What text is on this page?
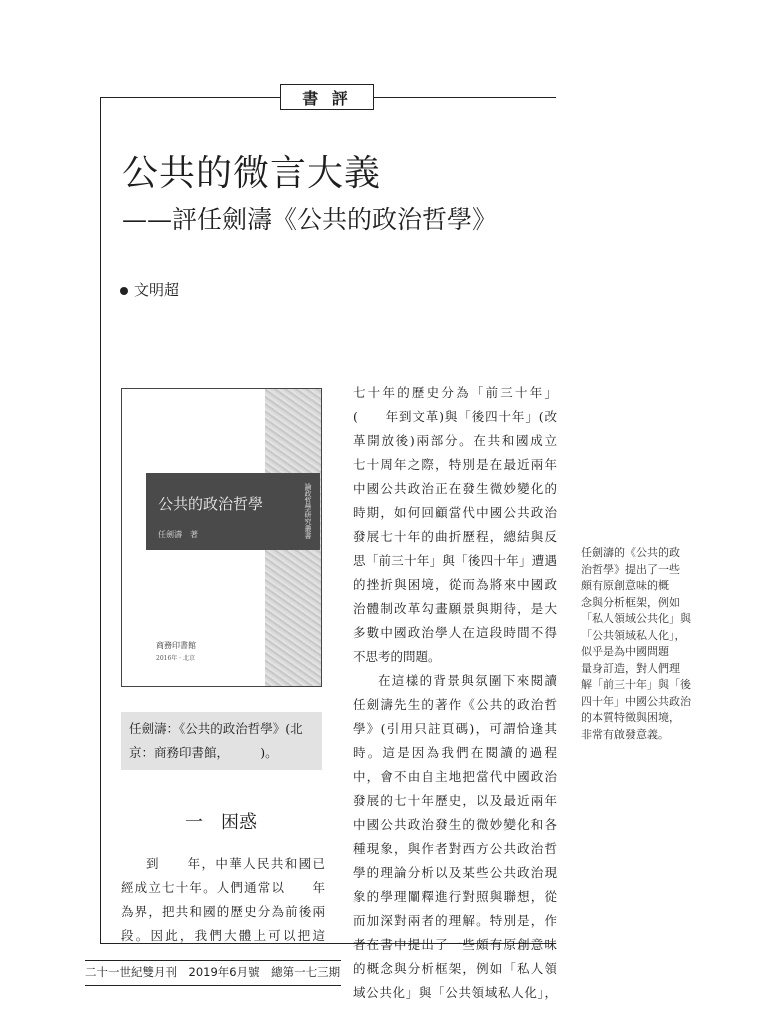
書 評
公共的微言大義
——評任劍濤《公共的政治哲學》
文明超
公共的政治哲學
任劍濤　著	論政哲學研究叢書
商務印書館
2016年 · 北京
任劍濤：《公共的政治哲學》(北
京：商務印書館，　　　)。
一　困惑
到　　年，中華人民共和國已
經成立七十年。人們通常以　　年
為界，把共和國的歷史分為前後兩
段。因此，我們大體上可以把這
七十年的歷史分為「前三十年」
(　　年到文革)與「後四十年」(改
革開放後)兩部分。在共和國成立
七十周年之際，特別是在最近兩年
中國公共政治正在發生微妙變化的
時期，如何回顧當代中國公共政治
發展七十年的曲折歷程，總結與反
思「前三十年」與「後四十年」遭遇
的挫折與困境，從而為將來中國政
治體制改革勾畫願景與期待，是大
多數中國政治學人在這段時間不得
不思考的問題。
在這樣的背景與氛圍下來閱讀
任劍濤先生的著作《公共的政治哲
學》(引用只註頁碼)，可謂恰逢其
時。這是因為我們在閱讀的過程
中，會不由自主地把當代中國政治
發展的七十年歷史，以及最近兩年
中國公共政治發生的微妙變化和各
種現象，與作者對西方公共政治哲
學的理論分析以及某些公共政治現
象的學理闡釋進行對照與聯想，從
而加深對兩者的理解。特別是，作
者在書中提出了一些頗有原創意味
的概念與分析框架，例如「私人領
域公共化」與「公共領域私人化」，
任劍濤的《公共的政
治哲學》提出了一些
頗有原創意味的概
念與分析框架，例如
「私人領域公共化」與
「公共領域私人化」，
似乎是為中國問題
量身訂造，對人們理
解「前三十年」與「後
四十年」中國公共政治
的本質特徵與困境，
非常有啟發意義。
二十一世紀雙月刊　2019年6月號　總第一七三期
